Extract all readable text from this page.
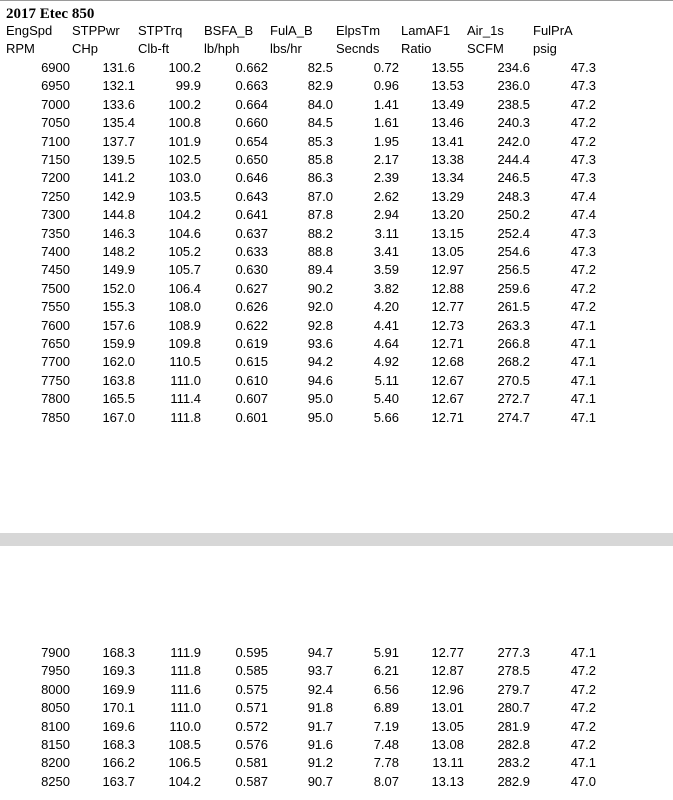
2017 Etec 850
EngSpd STPPwr STPTrq BSFA_B FulA_B ElpsTm LamAF1 Air_1s FulPrA
RPM	CHp	Clb-ft	lb/hph lbs/hr	Secnds Ratio	SCFM psig
6900	131.6	100.2	0.662	82.5	0.72	13.55	234.6	47.3
6950	132.1	99.9	0.663	82.9	0.96	13.53	236.0	47.3
7000	133.6	100.2	0.664	84.0	1.41	13.49	238.5	47.2
7050	135.4	100.8	0.660	84.5	1.61	13.46	240.3	47.2
7100	137.7	101.9	0.654	85.3	1.95	13.41	242.0	47.2
7150	139.5	102.5	0.650	85.8	2.17	13.38	244.4	47.3
7200	141.2	103.0	0.646	86.3	2.39	13.34	246.5	47.3
7250	142.9	103.5	0.643	87.0	2.62	13.29	248.3	47.4
7300	144.8	104.2	0.641	87.8	2.94	13.20	250.2	47.4
7350	146.3	104.6	0.637	88.2	3.11	13.15	252.4	47.3
7400	148.2	105.2	0.633	88.8	3.41	13.05	254.6	47.3
7450	149.9	105.7	0.630	89.4	3.59	12.97	256.5	47.2
7500	152.0	106.4	0.627	90.2	3.82	12.88	259.6	47.2
7550	155.3	108.0	0.626	92.0	4.20	12.77	261.5	47.2
7600	157.6	108.9	0.622	92.8	4.41	12.73	263.3	47.1
7650	159.9	109.8	0.619	93.6	4.64	12.71	266.8	47.1
7700	162.0	110.5	0.615	94.2	4.92	12.68	268.2	47.1
7750	163.8	111.0	0.610	94.6	5.11	12.67	270.5	47.1
7800	165.5	111.4	0.607	95.0	5.40	12.67	272.7	47.1
7850	167.0	111.8	0.601	95.0	5.66	12.71	274.7	47.1
7900	168.3	111.9	0.595	94.7	5.91	12.77	277.3	47.1
7950	169.3	111.8	0.585	93.7	6.21	12.87	278.5	47.2
8000	169.9	111.6	0.575	92.4	6.56	12.96	279.7	47.2
8050	170.1	111.0	0.571	91.8	6.89	13.01	280.7	47.2
8100	169.6	110.0	0.572	91.7	7.19	13.05	281.9	47.2
8150	168.3	108.5	0.576	91.6	7.48	13.08	282.8	47.2
8200	166.2	106.5	0.581	91.2	7.78	13.11	283.2	47.1
8250	163.7	104.2	0.587	90.7	8.07	13.13	282.9	47.0
